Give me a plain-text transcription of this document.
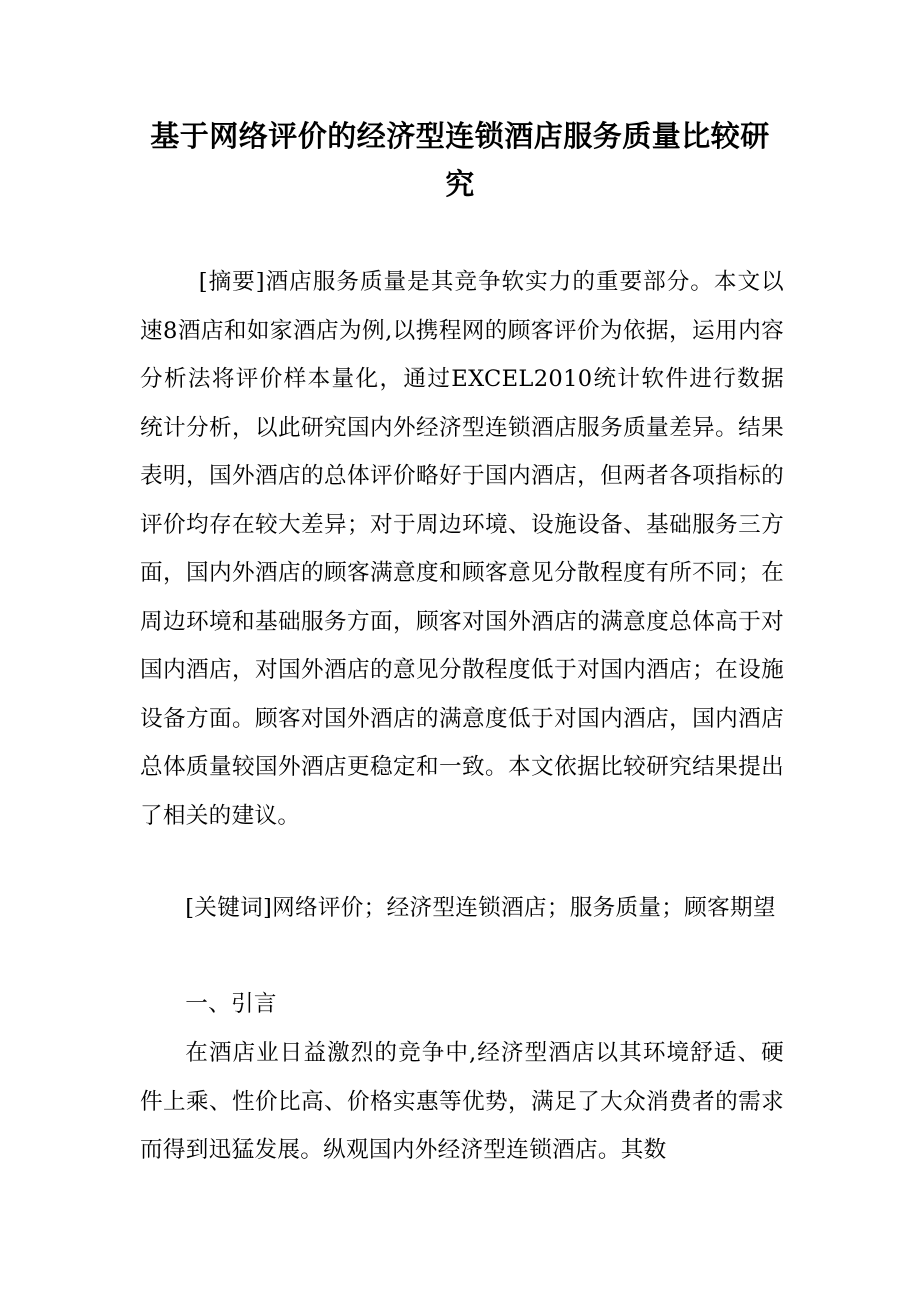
基于网络评价的经济型连锁酒店服务质量比较研究

[摘要]酒店服务质量是其竞争软实力的重要部分。本文以速8酒店和如家酒店为例,以携程网的顾客评价为依据，运用内容分析法将评价样本量化，通过EXCEL2010统计软件进行数据统计分析，以此研究国内外经济型连锁酒店服务质量差异。结果表明，国外酒店的总体评价略好于国内酒店，但两者各项指标的评价均存在较大差异；对于周边环境、设施设备、基础服务三方面，国内外酒店的顾客满意度和顾客意见分散程度有所不同；在周边环境和基础服务方面，顾客对国外酒店的满意度总体高于对国内酒店，对国外酒店的意见分散程度低于对国内酒店；在设施设备方面。顾客对国外酒店的满意度低于对国内酒店，国内酒店总体质量较国外酒店更稳定和一致。本文依据比较研究结果提出了相关的建议。

[关键词]网络评价；经济型连锁酒店；服务质量；顾客期望

一、引言

在酒店业日益激烈的竞争中,经济型酒店以其环境舒适、硬件上乘、性价比高、价格实惠等优势，满足了大众消费者的需求而得到迅猛发展。纵观国内外经济型连锁酒店。其数
